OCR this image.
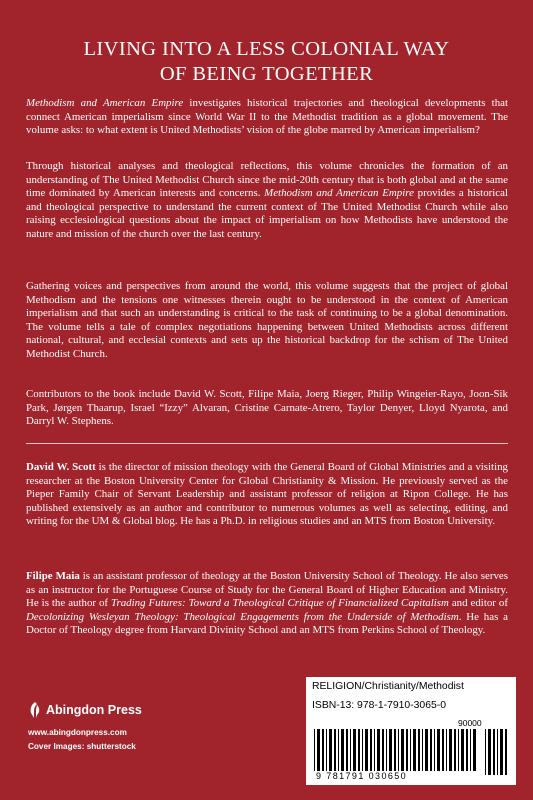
LIVING INTO A LESS COLONIAL WAY
OF BEING TOGETHER

Methodism and American Empire investigates historical trajectories and theological developments that connect American imperialism since World War II to the Methodist tradition as a global movement. The volume asks: to what extent is United Methodists’ vision of the globe marred by American imperialism?

Through historical analyses and theological reflections, this volume chronicles the formation of an understanding of The United Methodist Church since the mid-20th century that is both global and at the same time dominated by American interests and concerns. Methodism and American Empire provides a historical and theological perspective to understand the current context of The United Methodist Church while also raising ecclesiological questions about the impact of imperialism on how Methodists have understood the nature and mission of the church over the last century.

Gathering voices and perspectives from around the world, this volume suggests that the project of global Methodism and the tensions one witnesses therein ought to be understood in the context of American imperialism and that such an understanding is critical to the task of continuing to be a global denomination. The volume tells a tale of complex negotiations happening between United Methodists across different national, cultural, and ecclesial contexts and sets up the historical backdrop for the schism of The United Methodist Church.

Contributors to the book include David W. Scott, Filipe Maia, Joerg Rieger, Philip Wingeier-Rayo, Joon-Sik Park, Jørgen Thaarup, Israel “Izzy” Alvaran, Cristine Carnate-Atrero, Taylor Denyer, Lloyd Nyarota, and Darryl W. Stephens.

David W. Scott is the director of mission theology with the General Board of Global Ministries and a visiting researcher at the Boston University Center for Global Christianity & Mission. He previously served as the Pieper Family Chair of Servant Leadership and assistant professor of religion at Ripon College. He has published extensively as an author and contributor to numerous volumes as well as selecting, editing, and writing for the UM & Global blog. He has a Ph.D. in religious studies and an MTS from Boston University.

Filipe Maia is an assistant professor of theology at the Boston University School of Theology. He also serves as an instructor for the Portuguese Course of Study for the General Board of Higher Education and Ministry. He is the author of Trading Futures: Toward a Theological Critique of Financialized Capitalism and editor of Decolonizing Wesleyan Theology: Theological Engagements from the Underside of Methodism. He has a Doctor of Theology degree from Harvard Divinity School and an MTS from Perkins School of Theology.

Abingdon Press
www.abingdonpress.com
Cover Images: shutterstock
RELIGION/Christianity/Methodist
ISBN-13: 978-1-7910-3065-0
90000
9 781791 030650
